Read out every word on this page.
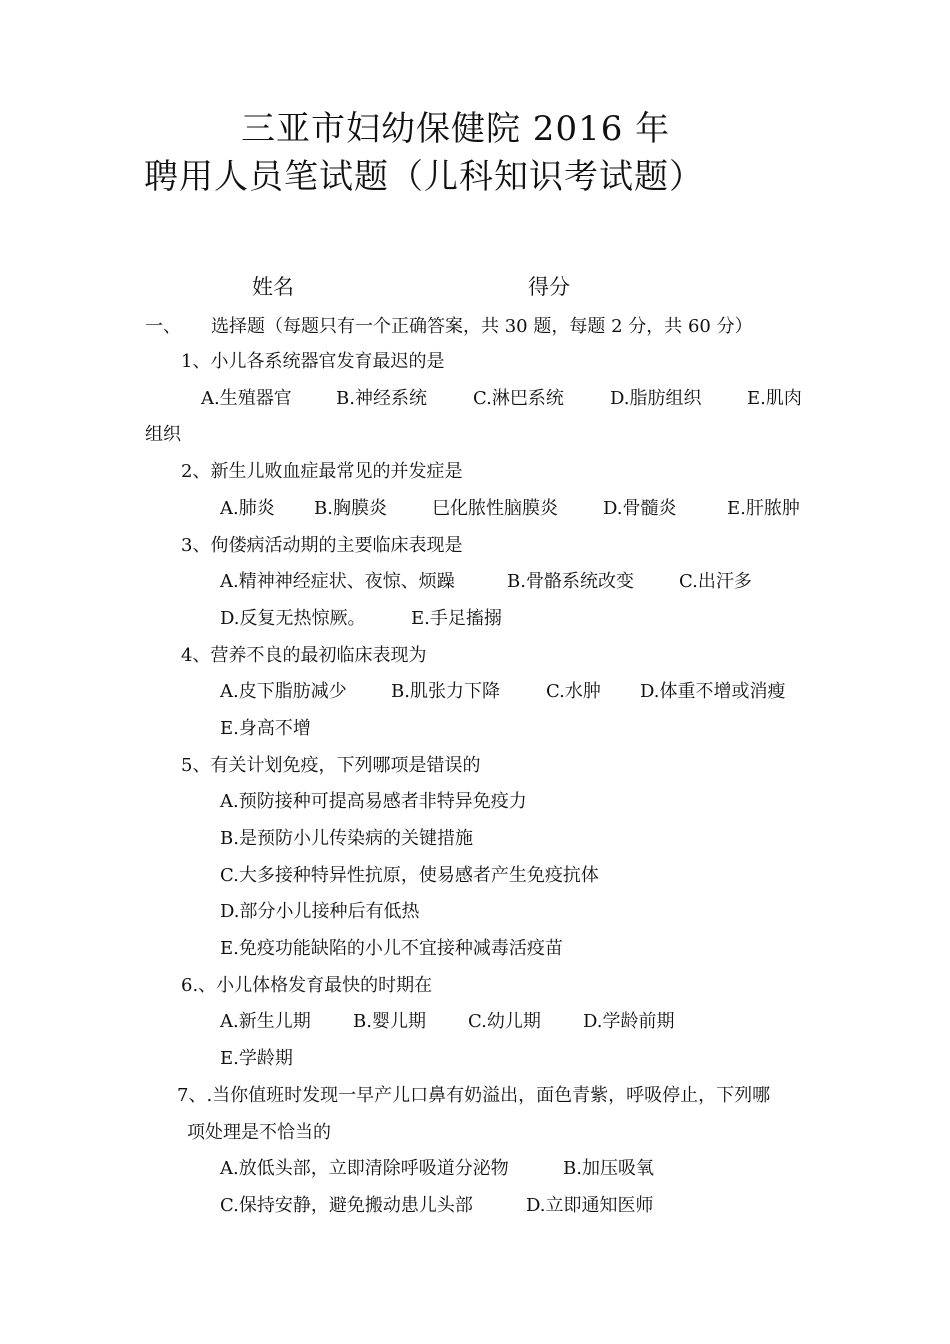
三亚市妇幼保健院 2016 年
聘用人员笔试题（儿科知识考试题）
姓名	得分
一、 选择题（每题只有一个正确答案，共 30 题，每题 2 分，共 60 分）
1、小儿各系统器官发育最迟的是
A.生殖器官 B.神经系统	C.淋巴系统	D.脂肪组织	E.肌肉
组织
2、新生儿败血症最常见的并发症是
A.肺炎 B.胸膜炎	巳化脓性脑膜炎	D.骨髓炎	E.肝脓肿
3、佝偻病活动期的主要临床表现是
A.精神神经症状、夜惊、烦躁	B.骨骼系统改变	C.出汗多
D.反复无热惊厥。	E.手足搐搦
4、营养不良的最初临床表现为
A.皮下脂肪减少 B.肌张力下降	C.水肿 D.体重不增或消瘦
E.身高不增
5、有关计划免疫，下列哪项是错误的
A.预防接种可提高易感者非特异免疫力
B.是预防小儿传染病的关键措施
C.大多接种特异性抗原，使易感者产生免疫抗体
D.部分小儿接种后有低热
E.免疫功能缺陷的小儿不宜接种减毒活疫苗
6.、小儿体格发育最快的时期在
A.新生儿期 B.婴儿期 C.幼儿期 D.学龄前期
E.学龄期
7、.当你值班时发现一早产儿口鼻有奶溢出，面色青紫，呼吸停止，下列哪
项处理是不恰当的
A.放低头部，立即清除呼吸道分泌物	B.加压吸氧
C.保持安静，避免搬动患儿头部	D.立即通知医师
